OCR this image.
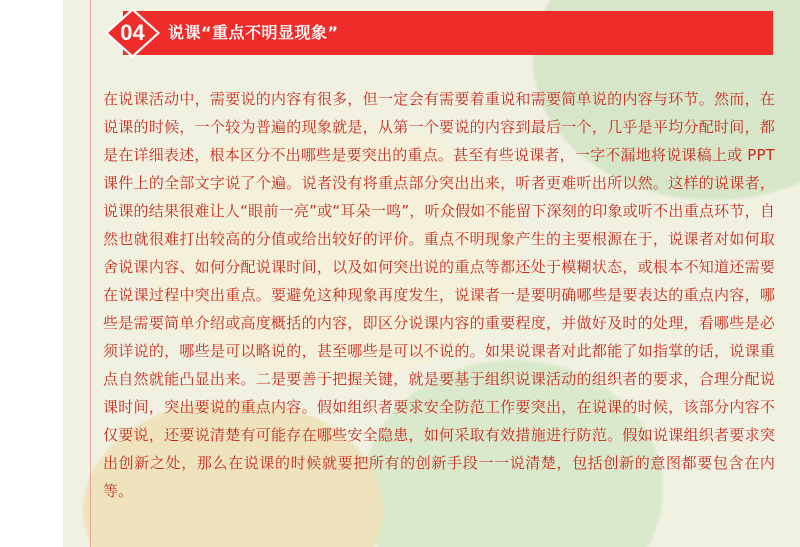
04	说课“重点不明显现象”

在说课活动中，需要说的内容有很多，但一定会有需要着重说和需要简单说的内容与环节。然而，在说课的时候，一个较为普遍的现象就是，从第一个要说的内容到最后一个，几乎是平均分配时间，都是在详细表述，根本区分不出哪些是要突出的重点。甚至有些说课者，一字不漏地将说课稿上或 PPT 课件上的全部文字说了个遍。说者没有将重点部分突出出来，听者更难听出所以然。这样的说课者，说课的结果很难让人“眼前一亮”或“耳朵一鸣”，听众假如不能留下深刻的印象或听不出重点环节，自然也就很难打出较高的分值或给出较好的评价。重点不明现象产生的主要根源在于，说课者对如何取舍说课内容、如何分配说课时间，以及如何突出说的重点等都还处于模糊状态，或根本不知道还需要在说课过程中突出重点。要避免这种现象再度发生，说课者一是要明确哪些是要表达的重点内容，哪些是需要简单介绍或高度概括的内容，即区分说课内容的重要程度，并做好及时的处理，看哪些是必须详说的，哪些是可以略说的，甚至哪些是可以不说的。如果说课者对此都能了如指掌的话，说课重点自然就能凸显出来。二是要善于把握关键，就是要基于组织说课活动的组织者的要求，合理分配说课时间，突出要说的重点内容。假如组织者要求安全防范工作要突出，在说课的时候，该部分内容不仅要说，还要说清楚有可能存在哪些安全隐患，如何采取有效措施进行防范。假如说课组织者要求突出创新之处，那么在说课的时候就要把所有的创新手段一一说清楚，包括创新的意图都要包含在内等。
